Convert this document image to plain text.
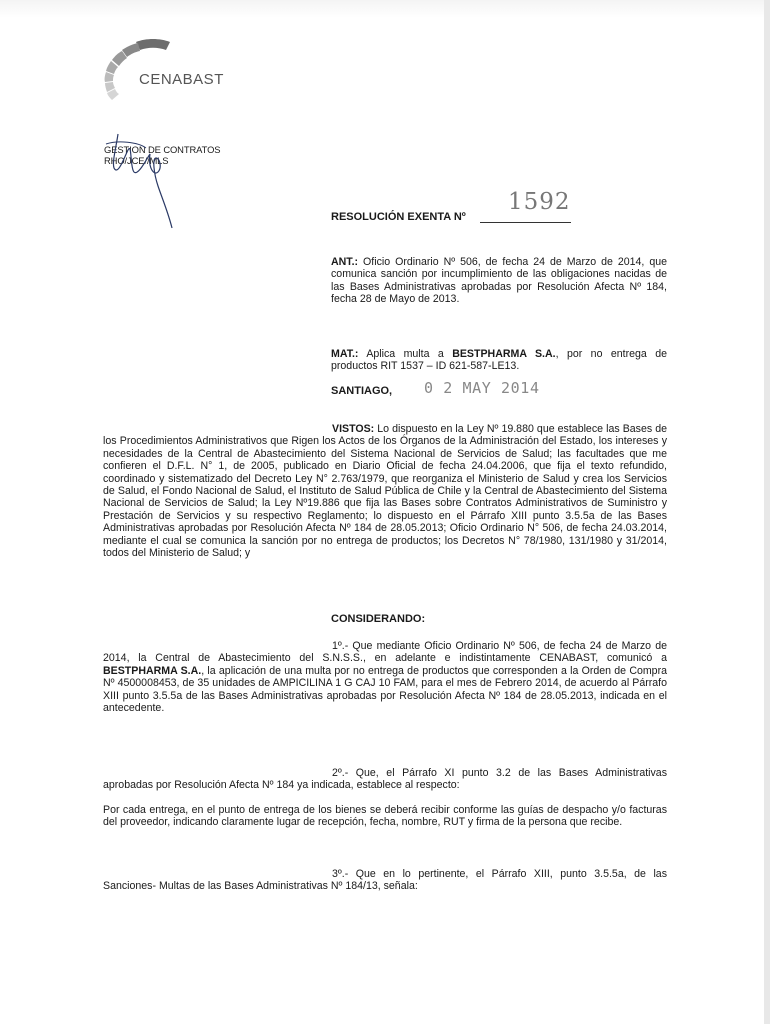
CENABAST
GESTION DE CONTRATOS
RHO/JCE//MLS
RESOLUCIÓN EXENTA Nº
1592
ANT.: Oficio Ordinario Nº 506, de fecha 24 de Marzo de 2014, que comunica sanción por incumplimiento de las obligaciones nacidas de las Bases Administrativas aprobadas por Resolución Afecta Nº 184, fecha 28 de Mayo de 2013.
MAT.: Aplica multa a BESTPHARMA S.A., por no entrega de productos RIT 1537 – ID 621-587-LE13.
SANTIAGO, 0 2 MAY 2014
VISTOS: Lo dispuesto en la Ley Nº 19.880 que establece las Bases de los Procedimientos Administrativos que Rigen los Actos de los Órganos de la Administración del Estado, los intereses y necesidades de la Central de Abastecimiento del Sistema Nacional de Servicios de Salud; las facultades que me confieren el D.F.L. N° 1, de 2005, publicado en Diario Oficial de fecha 24.04.2006, que fija el texto refundido, coordinado y sistematizado del Decreto Ley N° 2.763/1979, que reorganiza el Ministerio de Salud y crea los Servicios de Salud, el Fondo Nacional de Salud, el Instituto de Salud Pública de Chile y la Central de Abastecimiento del Sistema Nacional de Servicios de Salud; la Ley Nº19.886 que fija las Bases sobre Contratos Administrativos de Suministro y Prestación de Servicios y su respectivo Reglamento; lo dispuesto en el Párrafo XIII punto 3.5.5a de las Bases Administrativas aprobadas por Resolución Afecta Nº 184 de 28.05.2013; Oficio Ordinario N° 506, de fecha 24.03.2014, mediante el cual se comunica la sanción por no entrega de productos; los Decretos N° 78/1980, 131/1980 y 31/2014, todos del Ministerio de Salud; y
CONSIDERANDO:
1º.- Que mediante Oficio Ordinario Nº 506, de fecha 24 de Marzo de 2014, la Central de Abastecimiento del S.N.S.S., en adelante e indistintamente CENABAST, comunicó a BESTPHARMA S.A., la aplicación de una multa por no entrega de productos que corresponden a la Orden de Compra Nº 4500008453, de 35 unidades de AMPICILINA 1 G CAJ 10 FAM, para el mes de Febrero 2014, de acuerdo al Párrafo XIII punto 3.5.5a de las Bases Administrativas aprobadas por Resolución Afecta Nº 184 de 28.05.2013, indicada en el antecedente.
2º.- Que, el Párrafo XI punto 3.2 de las Bases Administrativas aprobadas por Resolución Afecta Nº 184 ya indicada, establece al respecto:
Por cada entrega, en el punto de entrega de los bienes se deberá recibir conforme las guías de despacho y/o facturas del proveedor, indicando claramente lugar de recepción, fecha, nombre, RUT y firma de la persona que recibe.
3º.- Que en lo pertinente, el Párrafo XIII, punto 3.5.5a, de las Sanciones- Multas de las Bases Administrativas Nº 184/13, señala:
